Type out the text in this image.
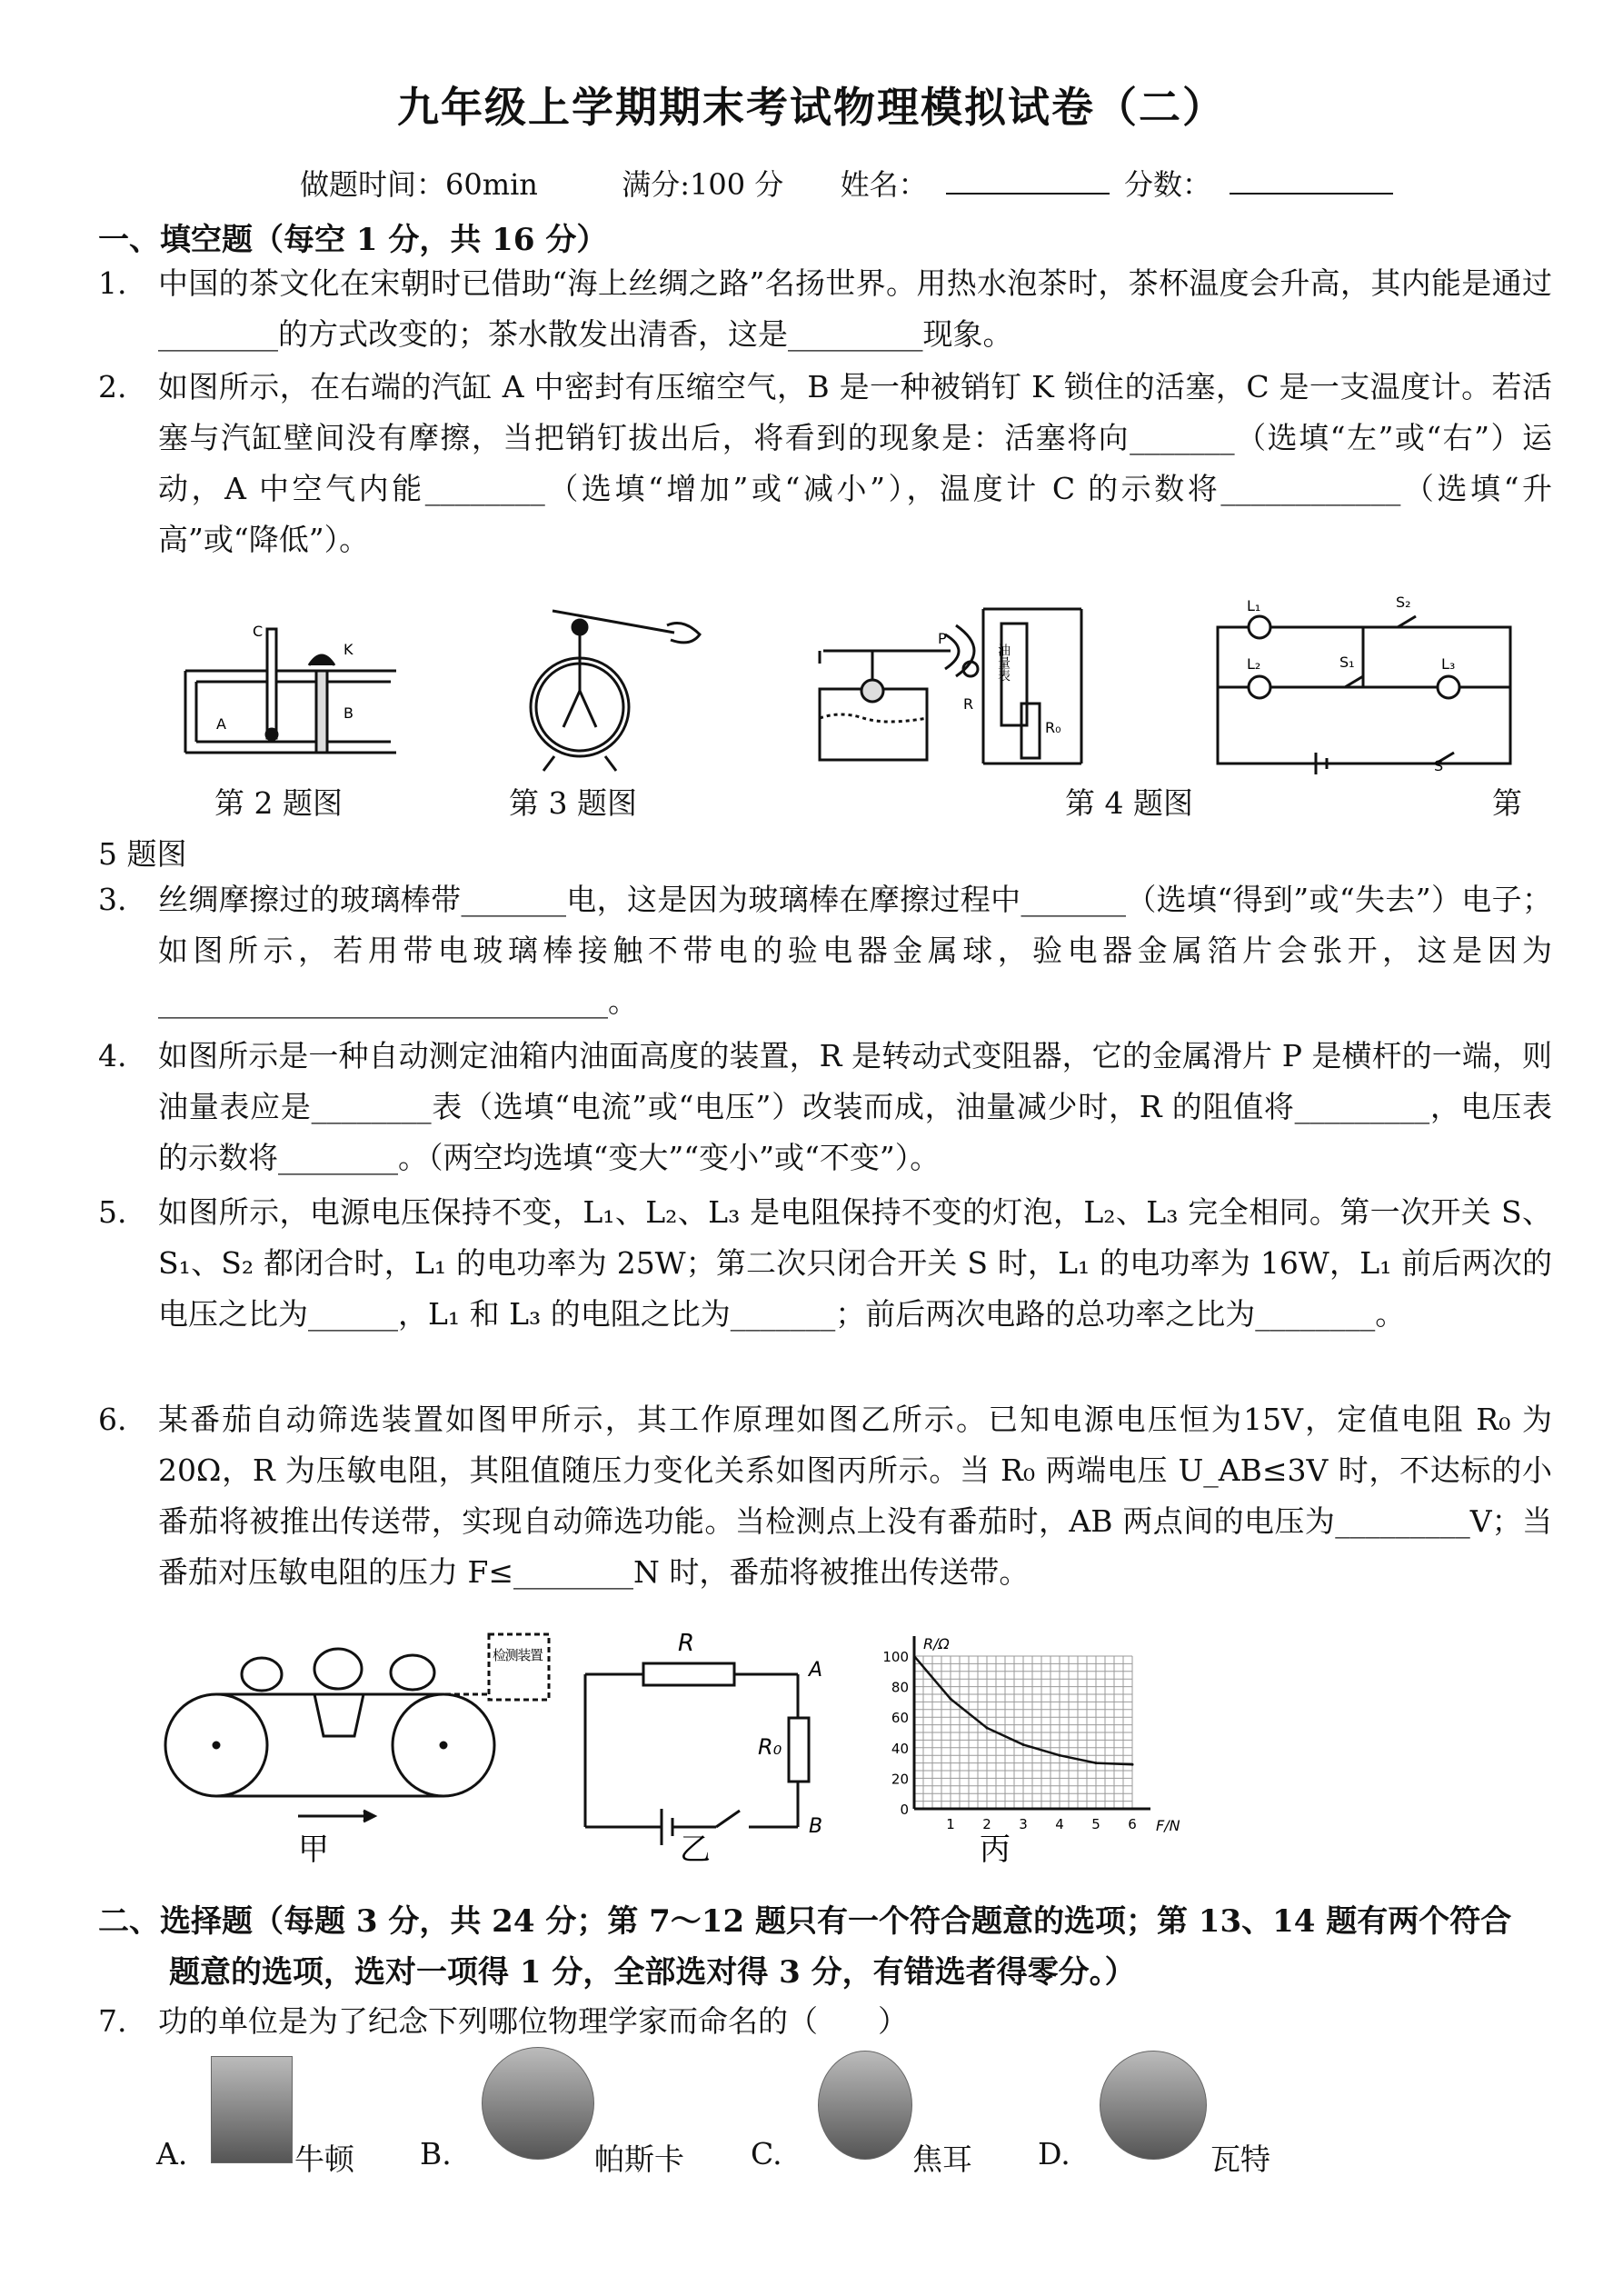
九年级上学期期末考试物理模拟试卷（二）
做题时间：60min	满分:100 分 姓名：	分数：
一、填空题（每空 1 分，共 16 分）
1. 中国的茶文化在宋朝时已借助“海上丝绸之路”名扬世界。用热水泡茶时，茶杯温度会升高，其内能是通过________的方式改变的；茶水散发出清香，这是_________现象。
2. 如图所示，在右端的汽缸 A 中密封有压缩空气，B 是一种被销钉 K 锁住的活塞，C 是一支温度计。若活塞与汽缸壁间没有摩擦，当把销钉拔出后，将看到的现象是：活塞将向_______（选填“左”或“右”）运动，A 中空气内能________（选填“增加”或“减小”），温度计 C 的示数将____________（选填“升高”或“降低”）。
C
K
A
B
P
R
R₀
油量表
L₁
L₂	L₃
S₁
S₂
S
第 2 题图	第 3 题图	第 4 题图	第
5 题图
3. 丝绸摩擦过的玻璃棒带_______电，这是因为玻璃棒在摩擦过程中_______（选填“得到”或“失去”）电子；如图所示，若用带电玻璃棒接触不带电的验电器金属球，验电器金属箔片会张开，这是因为______________________________。
4. 如图所示是一种自动测定油箱内油面高度的装置，R 是转动式变阻器，它的金属滑片 P 是横杆的一端，则油量表应是________表（选填“电流”或“电压”）改装而成，油量减少时，R 的阻值将_________，电压表的示数将________。（两空均选填“变大”“变小”或“不变”）。
5. 如图所示，电源电压保持不变，L₁、L₂、L₃ 是电阻保持不变的灯泡，L₂、L₃ 完全相同。第一次开关 S、S₁、S₂ 都闭合时，L₁ 的电功率为 25W；第二次只闭合开关 S 时，L₁ 的电功率为 16W，L₁ 前后两次的电压之比为______，L₁ 和 L₃ 的电阻之比为_______；前后两次电路的总功率之比为________。
6. 某番茄自动筛选装置如图甲所示，其工作原理如图乙所示。已知电源电压恒为15V，定值电阻 R₀ 为 20Ω，R 为压敏电阻，其阻值随压力变化关系如图丙所示。当 R₀ 两端电压 U_AB≤3V 时，不达标的小番茄将被推出传送带，实现自动筛选功能。当检测点上没有番茄时，AB 两点间的电压为_________V；当番茄对压敏电阻的压力 F≤________N 时，番茄将被推出传送带。
检测装置
甲
R
R₀
A
B
乙
0
20
40
60
80
100
1 2 3 4 5 6
R/Ω
F/N
丙
二、选择题（每题 3 分，共 24 分；第 7～12 题只有一个符合题意的选项；第 13、14 题有两个符合
题意的选项，选对一项得 1 分，全部选对得 3 分，有错选者得零分。）
7. 功的单位是为了纪念下列哪位物理学家而命名的（　　）
A.	牛顿 B.	帕斯卡 C.	焦耳 D.	瓦特
